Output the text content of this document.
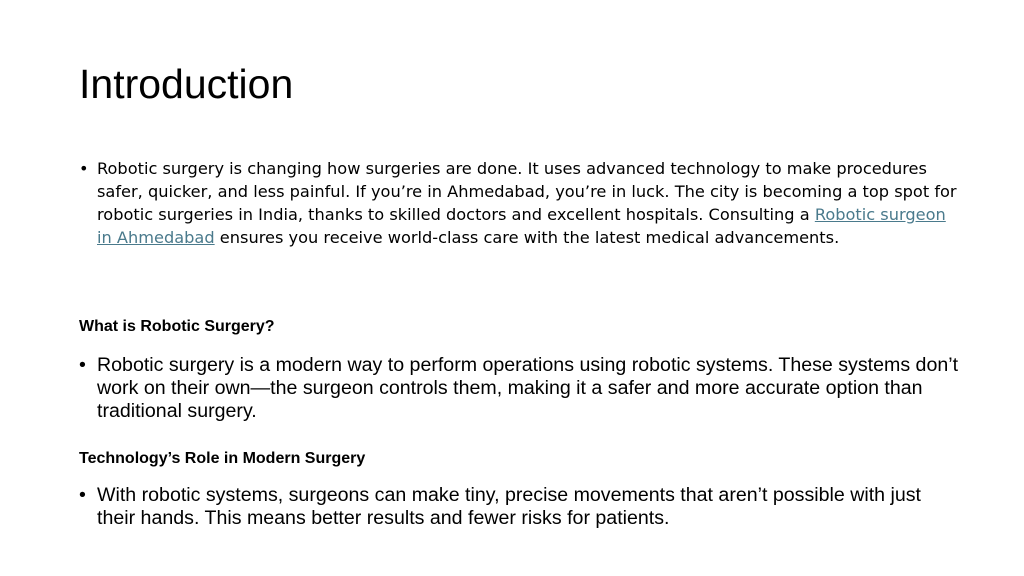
Introduction
• Robotic surgery is changing how surgeries are done. It uses advanced technology to make procedures safer, quicker, and less painful. If you’re in Ahmedabad, you’re in luck. The city is becoming a top spot for robotic surgeries in India, thanks to skilled doctors and excellent hospitals. Consulting a Robotic surgeon in Ahmedabad ensures you receive world-class care with the latest medical advancements.
What is Robotic Surgery?
• Robotic surgery is a modern way to perform operations using robotic systems. These systems don’t work on their own—the surgeon controls them, making it a safer and more accurate option than traditional surgery.
Technology’s Role in Modern Surgery
• With robotic systems, surgeons can make tiny, precise movements that aren’t possible with just their hands. This means better results and fewer risks for patients.
